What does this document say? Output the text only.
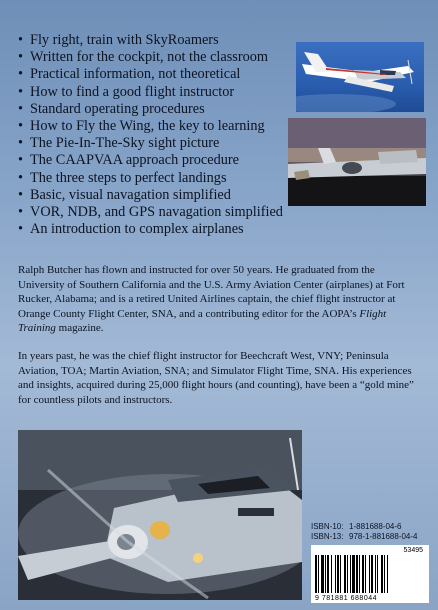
• Fly right, train with SkyRoamers
• Written for the cockpit, not the classroom
• Practical information, not theoretical
• How to find a good flight instructor
• Standard operating procedures
• How to Fly the Wing, the key to learning
• The Pie-In-The-Sky sight picture
• The CAAPVAA approach procedure
• The three steps to perfect landings
• Basic, visual navagation simplified
• VOR, NDB, and GPS navagation simplified
• An introduction to complex airplanes

Ralph Butcher has flown and instructed for over 50 years. He graduated from the University of Southern California and the U.S. Army Aviation Center (airplanes) at Fort Rucker, Alabama; and is a retired United Airlines captain, the chief flight instructor at Orange County Flight Center, SNA, and a contributing editor for the AOPA’s Flight Training magazine.

In years past, he was the chief flight instructor for Beechcraft West, VNY; Peninsula Aviation, TOA; Martin Aviation, SNA; and Simulator Flight Time, SNA. His experiences and insights, acquired during 25,000 flight hours (and counting), have been a “gold mine” for countless pilots and instructors.

ISBN-10: 1-881688-04-6
ISBN-13: 978-1-881688-04-4
53495
9 781881 688044
